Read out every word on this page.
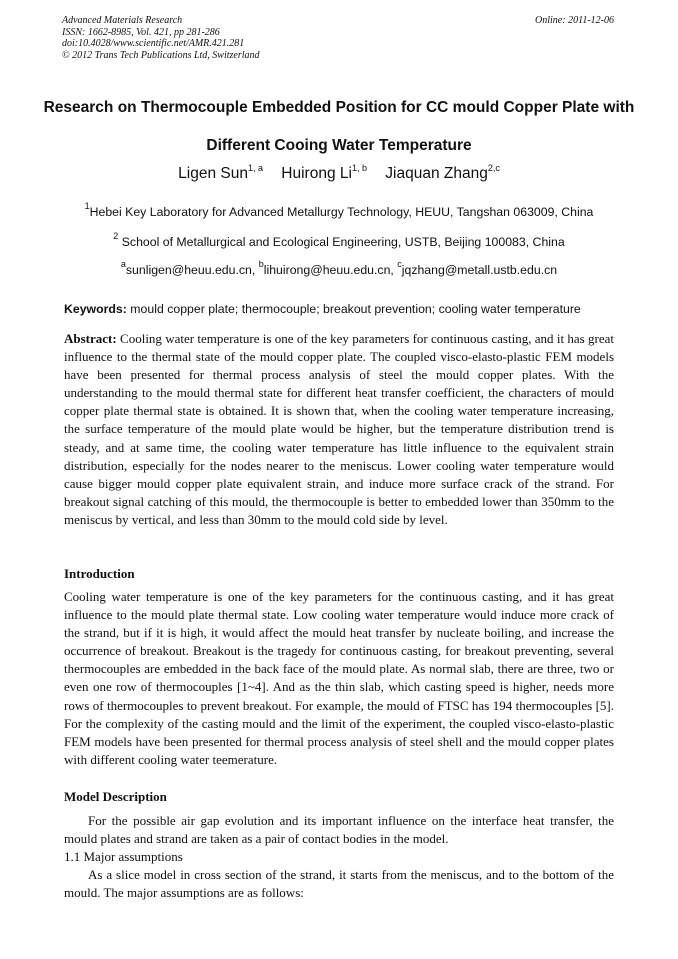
Advanced Materials Research
ISSN: 1662-8985, Vol. 421, pp 281-286
doi:10.4028/www.scientific.net/AMR.421.281
© 2012 Trans Tech Publications Ltd, Switzerland
Online: 2011-12-06
Research on Thermocouple Embedded Position for CC mould Copper Plate with Different Cooing Water Temperature
Ligen Sun$^{1, a}$ Huirong Li$^{1, b}$ Jiaquan Zhang$^{2,c}$
$^1$Hebei Key Laboratory for Advanced Metallurgy Technology, HEUU, Tangshan 063009, China
$^2$ School of Metallurgical and Ecological Engineering, USTB, Beijing 100083, China
$^a$sunligen@heuu.edu.cn, $^b$lihuirong@heuu.edu.cn, $^c$jqzhang@metall.ustb.edu.cn
Keywords: mould copper plate; thermocouple; breakout prevention; cooling water temperature
Abstract: Cooling water temperature is one of the key parameters for continuous casting, and it has great influence to the thermal state of the mould copper plate. The coupled visco-elasto-plastic FEM models have been presented for thermal process analysis of steel the mould copper plates. With the understanding to the mould thermal state for different heat transfer coefficient, the characters of mould copper plate thermal state is obtained. It is shown that, when the cooling water temperature increasing, the surface temperature of the mould plate would be higher, but the temperature distribution trend is steady, and at same time, the cooling water temperature has little influence to the equivalent strain distribution, especially for the nodes nearer to the meniscus. Lower cooling water temperature would cause bigger mould copper plate equivalent strain, and induce more surface crack of the strand. For breakout signal catching of this mould, the thermocouple is better to embedded lower than 350mm to the meniscus by vertical, and less than 30mm to the mould cold side by level.
Introduction
Cooling water temperature is one of the key parameters for the continuous casting, and it has great influence to the mould plate thermal state. Low cooling water temperature would induce more crack of the strand, but if it is high, it would affect the mould heat transfer by nucleate boiling, and increase the occurrence of breakout. Breakout is the tragedy for continuous casting, for breakout preventing, several thermocouples are embedded in the back face of the mould plate. As normal slab, there are three, two or even one row of thermocouples [1~4]. And as the thin slab, which casting speed is higher, needs more rows of thermocouples to prevent breakout. For example, the mould of FTSC has 194 thermocouples [5]. For the complexity of the casting mould and the limit of the experiment, the coupled visco-elasto-plastic FEM models have been presented for thermal process analysis of steel shell and the mould copper plates with different cooling water teemerature.
Model Description
For the possible air gap evolution and its important influence on the interface heat transfer, the mould plates and strand are taken as a pair of contact bodies in the model.
1.1 Major assumptions
As a slice model in cross section of the strand, it starts from the meniscus, and to the bottom of the mould. The major assumptions are as follows:
